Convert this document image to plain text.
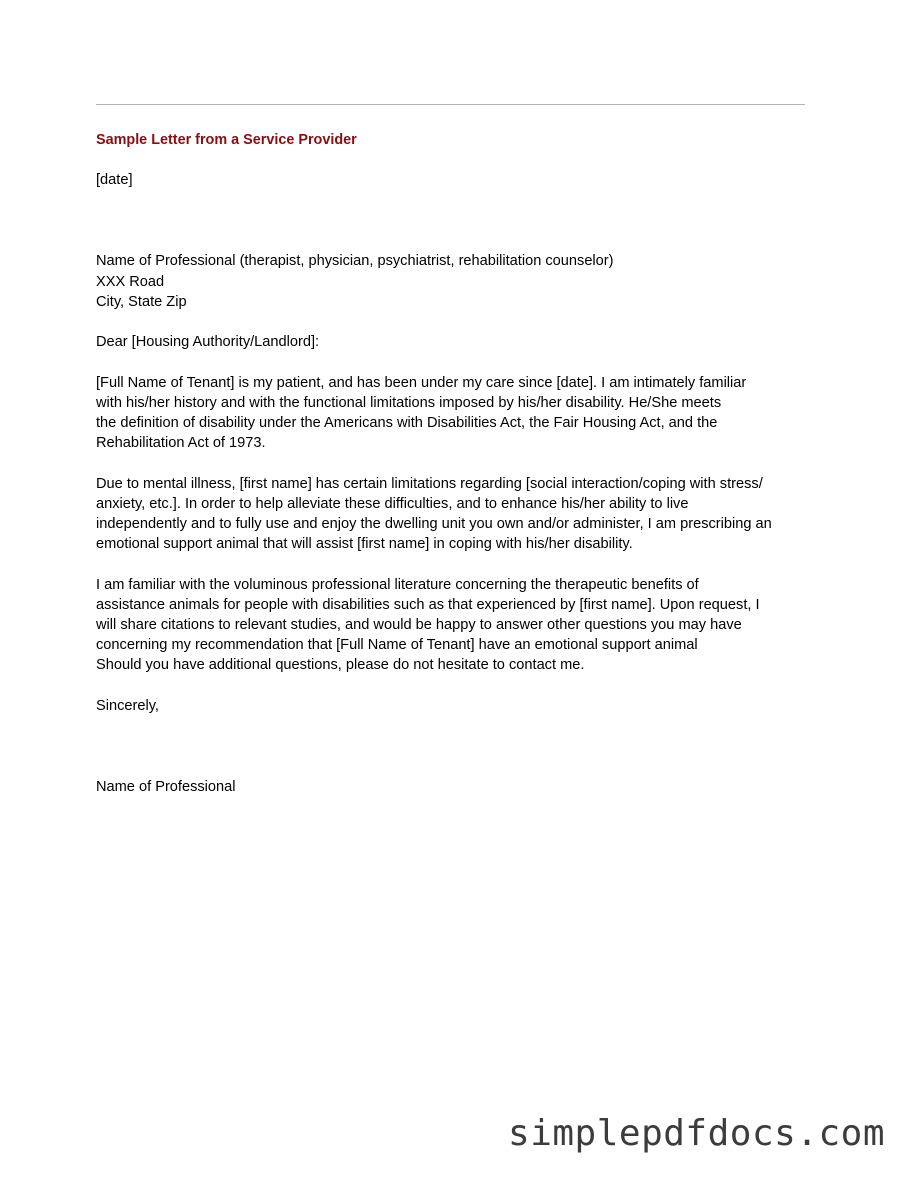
Sample Letter from a Service Provider
[date]
Name of Professional (therapist, physician, psychiatrist, rehabilitation counselor)
XXX Road
City, State Zip
Dear [Housing Authority/Landlord]:
[Full Name of Tenant] is my patient, and has been under my care since [date]. I am intimately familiar
with his/her history and with the functional limitations imposed by his/her disability. He/She meets
the definition of disability under the Americans with Disabilities Act, the Fair Housing Act, and the
Rehabilitation Act of 1973.
Due to mental illness, [first name] has certain limitations regarding [social interaction/coping with stress/
anxiety, etc.]. In order to help alleviate these difficulties, and to enhance his/her ability to live
independently and to fully use and enjoy the dwelling unit you own and/or administer, I am prescribing an
emotional support animal that will assist [first name] in coping with his/her disability.
I am familiar with the voluminous professional literature concerning the therapeutic benefits of
assistance animals for people with disabilities such as that experienced by [first name]. Upon request, I
will share citations to relevant studies, and would be happy to answer other questions you may have
concerning my recommendation that [Full Name of Tenant] have an emotional support animal
Should you have additional questions, please do not hesitate to contact me.
Sincerely,
Name of Professional
simplepdfdocs.com
